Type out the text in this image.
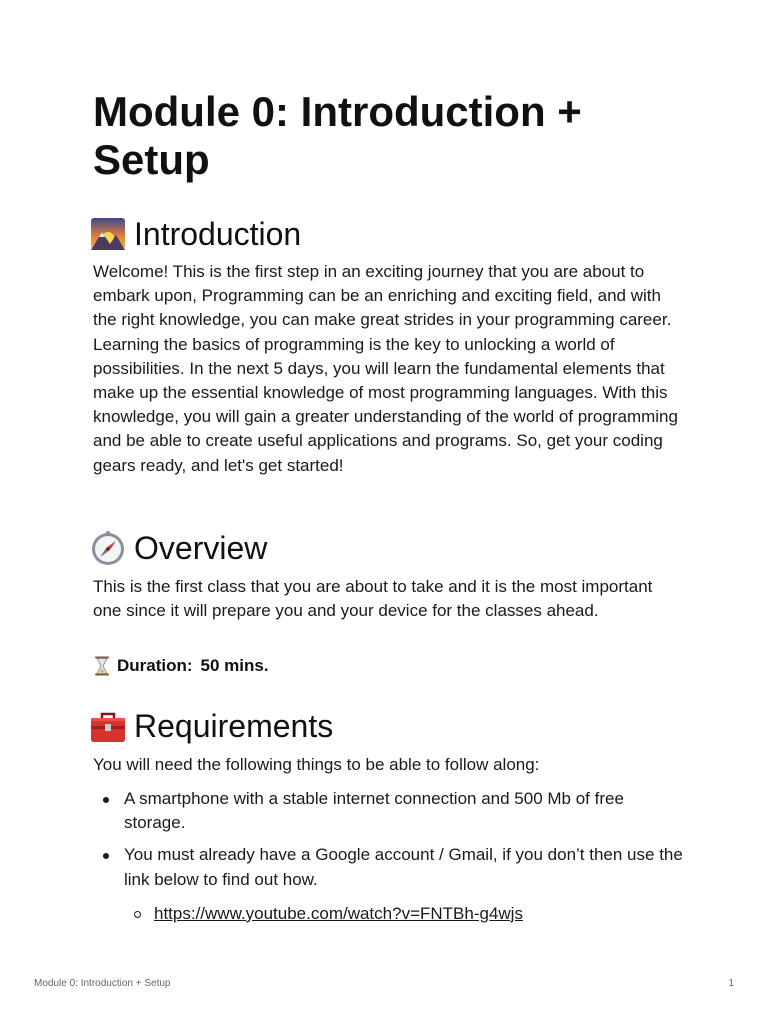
Module 0: Introduction + Setup
Introduction

Welcome! This is the first step in an exciting journey that you are about to embark upon, Programming can be an enriching and exciting field, and with the right knowledge, you can make great strides in your programming career. Learning the basics of programming is the key to unlocking a world of possibilities. In the next 5 days, you will learn the fundamental elements that make up the essential knowledge of most programming languages. With this knowledge, you will gain a greater understanding of the world of programming and be able to create useful applications and programs. So, get your coding gears ready, and let's get started!

Overview

This is the first class that you are about to take and it is the most important one since it will prepare you and your device for the classes ahead.

Duration: 50 mins.
Requirements

You will need the following things to be able to follow along:

A smartphone with a stable internet connection and 500 Mb of free storage.
You must already have a Google account / Gmail, if you don’t then use the link below to find out how.
https://www.youtube.com/watch?v=FNTBh-g4wjs
Module 0: Introduction + Setup	1
